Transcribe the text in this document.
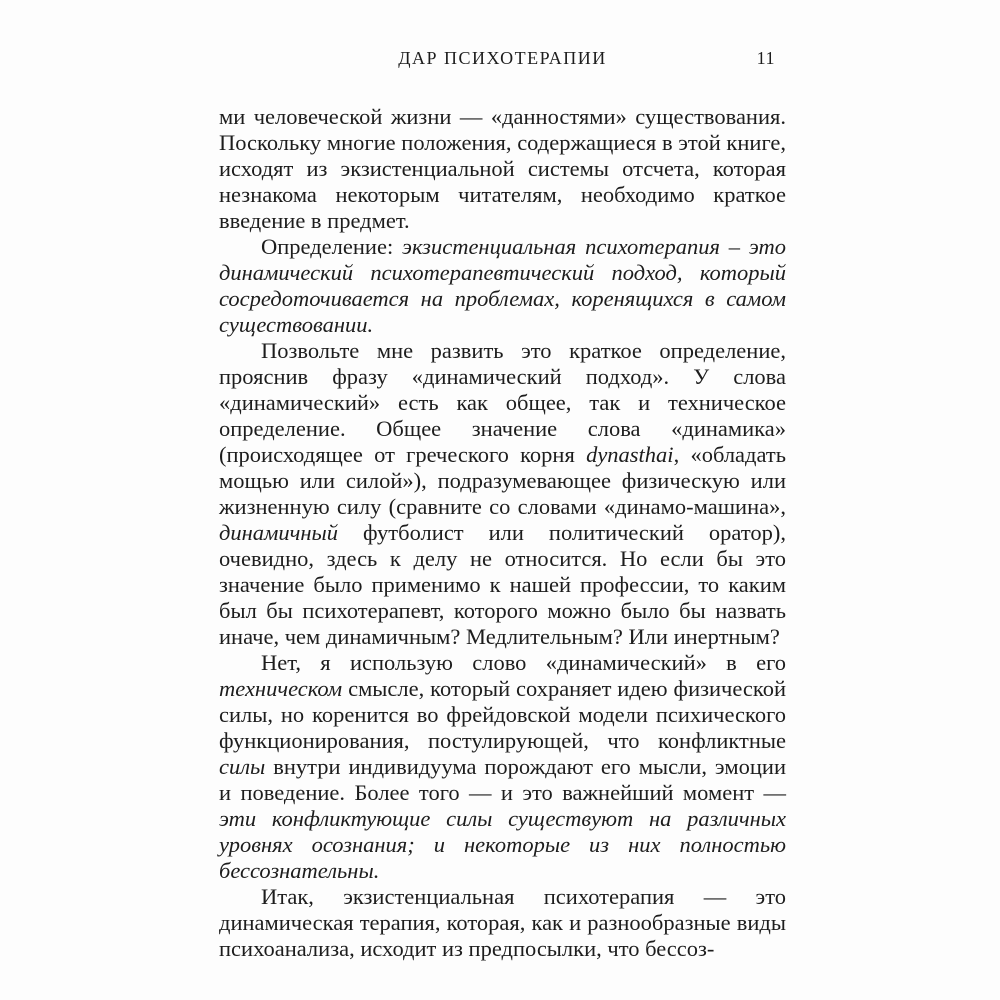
ДАР ПСИХОТЕРАПИИ	11

ми человеческой жизни — «данностями» существования. Поскольку многие положения, содержащиеся в этой книге, исходят из экзистенциальной системы отсчета, которая незнакома некоторым читателям, необходимо краткое введение в предмет.

Определение: экзистенциальная психотерапия – это динамический психотерапевтический подход, который сосредоточивается на проблемах, коренящихся в самом существовании.

Позвольте мне развить это краткое определение, прояснив фразу «динамический подход». У слова «динамический» есть как общее, так и техническое определение. Общее значение слова «динамика» (происходящее от греческого корня dynasthai, «обладать мощью или силой»), подразумевающее физическую или жизненную силу (сравните со словами «динамо-машина», динамичный футболист или политический оратор), очевидно, здесь к делу не относится. Но если бы это значение было применимо к нашей профессии, то каким был бы психотерапевт, которого можно было бы назвать иначе, чем динамичным? Медлительным? Или инертным?

Нет, я использую слово «динамический» в его техническом смысле, который сохраняет идею физической силы, но коренится во фрейдовской модели психического функционирования, постулирующей, что конфликтные силы внутри индивидуума порождают его мысли, эмоции и поведение. Более того — и это важнейший момент — эти конфликтующие силы существуют на различных уровнях осознания; и некоторые из них полностью бессознательны.

Итак, экзистенциальная психотерапия — это динамическая терапия, которая, как и разнообразные виды психоанализа, исходит из предпосылки, что бессоз-
